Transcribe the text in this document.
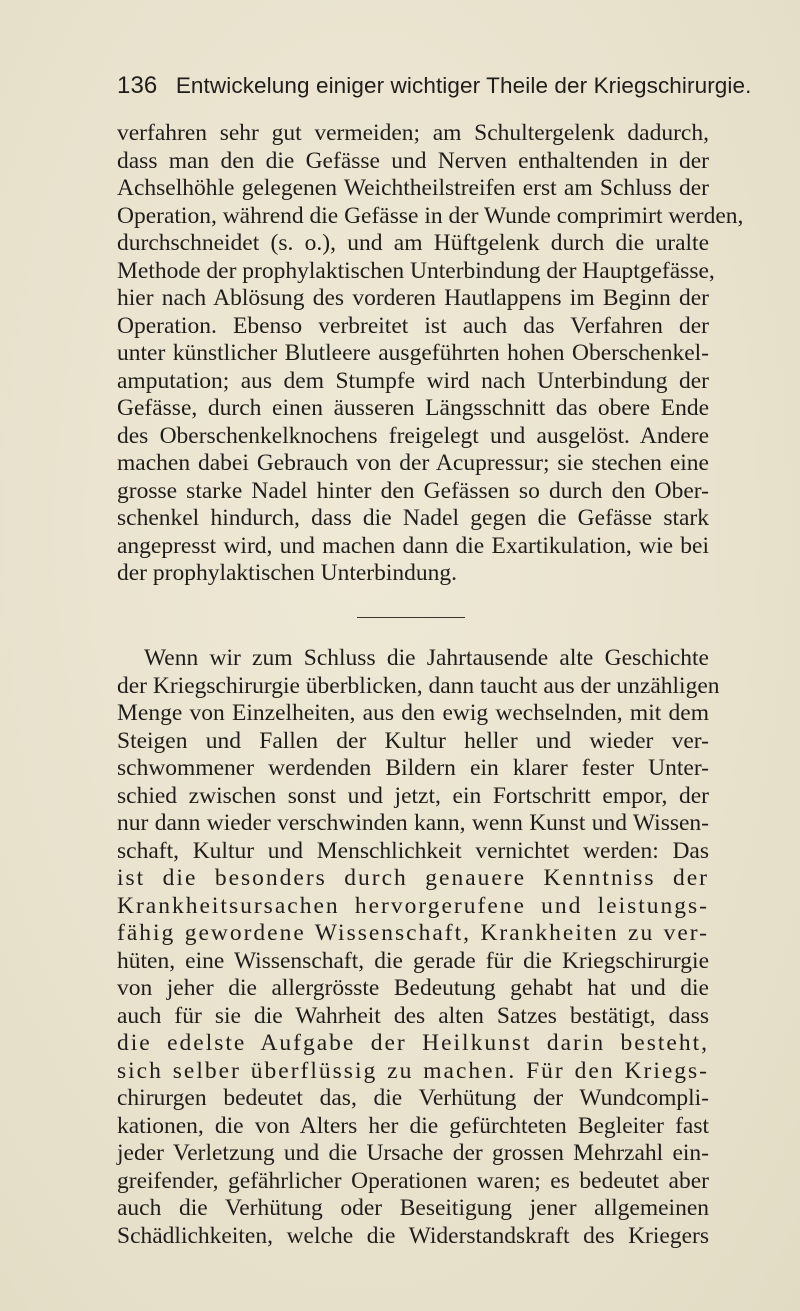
136 Entwickelung einiger wichtiger Theile der Kriegschirurgie.
verfahren sehr gut vermeiden; am Schultergelenk dadurch,
dass man den die Gefässe und Nerven enthaltenden in der
Achselhöhle gelegenen Weichtheilstreifen erst am Schluss der
Operation, während die Gefässe in der Wunde comprimirt werden,
durchschneidet (s. o.), und am Hüftgelenk durch die uralte
Methode der prophylaktischen Unterbindung der Hauptgefässe,
hier nach Ablösung des vorderen Hautlappens im Beginn der
Operation. Ebenso verbreitet ist auch das Verfahren der
unter künstlicher Blutleere ausgeführten hohen Oberschenkel-
amputation; aus dem Stumpfe wird nach Unterbindung der
Gefässe, durch einen äusseren Längsschnitt das obere Ende
des Oberschenkelknochens freigelegt und ausgelöst. Andere
machen dabei Gebrauch von der Acupressur; sie stechen eine
grosse starke Nadel hinter den Gefässen so durch den Ober-
schenkel hindurch, dass die Nadel gegen die Gefässe stark
angepresst wird, und machen dann die Exartikulation, wie bei
der prophylaktischen Unterbindung.
Wenn wir zum Schluss die Jahrtausende alte Geschichte
der Kriegschirurgie überblicken, dann taucht aus der unzähligen
Menge von Einzelheiten, aus den ewig wechselnden, mit dem
Steigen und Fallen der Kultur heller und wieder ver-
schwommener werdenden Bildern ein klarer fester Unter-
schied zwischen sonst und jetzt, ein Fortschritt empor, der
nur dann wieder verschwinden kann, wenn Kunst und Wissen-
schaft, Kultur und Menschlichkeit vernichtet werden: Das
ist die besonders durch genauere Kenntniss der
Krankheitsursachen hervorgerufene und leistungs-
fähig gewordene Wissenschaft, Krankheiten zu ver-
hüten, eine Wissenschaft, die gerade für die Kriegschirurgie
von jeher die allergrösste Bedeutung gehabt hat und die
auch für sie die Wahrheit des alten Satzes bestätigt, dass
die edelste Aufgabe der Heilkunst darin besteht,
sich selber überflüssig zu machen. Für den Kriegs-
chirurgen bedeutet das, die Verhütung der Wundcompli-
kationen, die von Alters her die gefürchteten Begleiter fast
jeder Verletzung und die Ursache der grossen Mehrzahl ein-
greifender, gefährlicher Operationen waren; es bedeutet aber
auch die Verhütung oder Beseitigung jener allgemeinen
Schädlichkeiten, welche die Widerstandskraft des Kriegers
